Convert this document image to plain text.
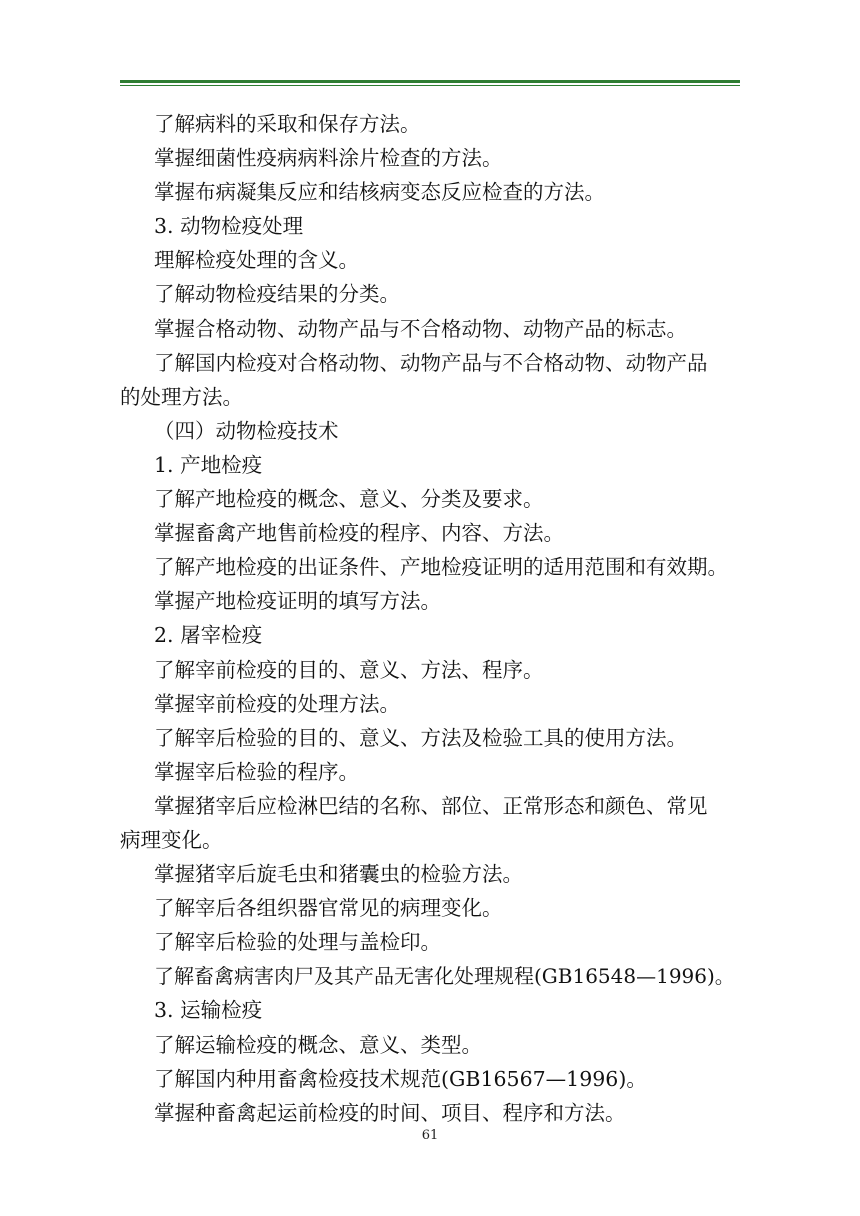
了解病料的采取和保存方法。
掌握细菌性疫病病料涂片检查的方法。
掌握布病凝集反应和结核病变态反应检查的方法。
3. 动物检疫处理
理解检疫处理的含义。
了解动物检疫结果的分类。
掌握合格动物、动物产品与不合格动物、动物产品的标志。
了解国内检疫对合格动物、动物产品与不合格动物、动物产品
的处理方法。
（四）动物检疫技术
1. 产地检疫
了解产地检疫的概念、意义、分类及要求。
掌握畜禽产地售前检疫的程序、内容、方法。
了解产地检疫的出证条件、产地检疫证明的适用范围和有效期。
掌握产地检疫证明的填写方法。
2. 屠宰检疫
了解宰前检疫的目的、意义、方法、程序。
掌握宰前检疫的处理方法。
了解宰后检验的目的、意义、方法及检验工具的使用方法。
掌握宰后检验的程序。
掌握猪宰后应检淋巴结的名称、部位、正常形态和颜色、常见
病理变化。
掌握猪宰后旋毛虫和猪囊虫的检验方法。
了解宰后各组织器官常见的病理变化。
了解宰后检验的处理与盖检印。
了解畜禽病害肉尸及其产品无害化处理规程(GB16548—1996)。
3. 运输检疫
了解运输检疫的概念、意义、类型。
了解国内种用畜禽检疫技术规范(GB16567—1996)。
掌握种畜禽起运前检疫的时间、项目、程序和方法。
61
